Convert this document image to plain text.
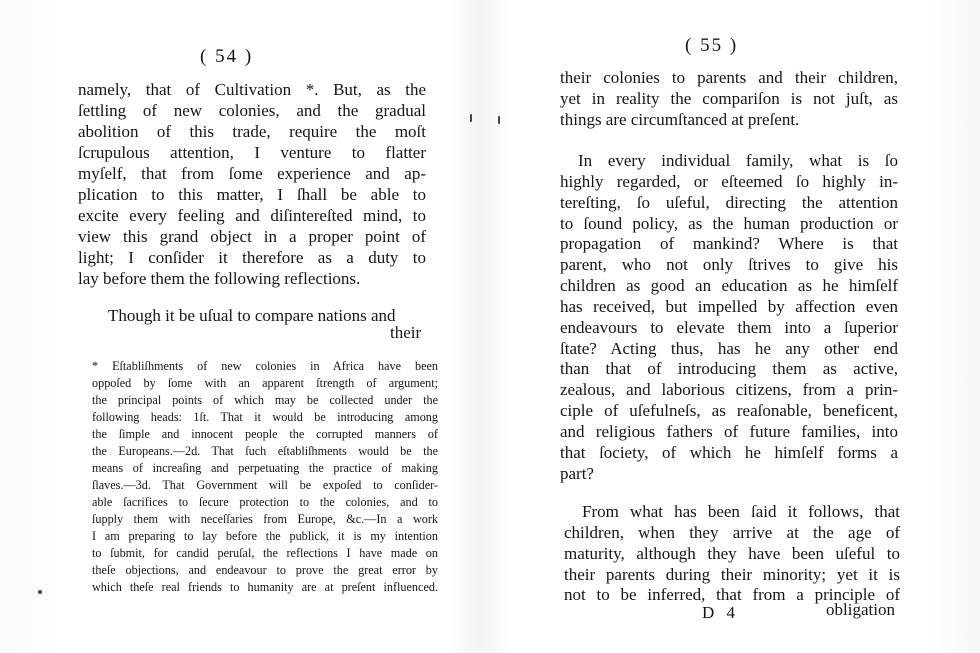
( 54 )
namely, that of Cultivation *. But, as the
ſettling of new colonies, and the gradual
abolition of this trade, require the moſt
ſcrupulous attention, I venture to flatter
myſelf, that from ſome experience and ap-
plication to this matter, I ſhall be able to
excite every feeling and diſintereſted mind, to
view this grand object in a proper point of
light; I conſider it therefore as a duty to
lay before them the following reflections.
Though it be uſual to compare nations and
their
* Eſtabliſhments of new colonies in Africa have been
oppoſed by ſome with an apparent ſtrength of argument;
the principal points of which may be collected under the
following heads: 1ſt. That it would be introducing among
the ſimple and innocent people the corrupted manners of
the Europeans.—2d. That ſuch eſtabliſhments would be the
means of increaſing and perpetuating the practice of making
ſlaves.—3d. That Government will be expoſed to conſider-
able ſacrifices to ſecure protection to the colonies, and to
ſupply them with neceſſaries from Europe, &c.—In a work
I am preparing to lay before the publick, it is my intention
to ſubmit, for candid peruſal, the reflections I have made on
theſe objections, and endeavour to prove the great error by
which theſe real friends to humanity are at preſent influenced.
( 55 )
their colonies to parents and their children,
yet in reality the compariſon is not juſt, as
things are circumſtanced at preſent.
In every individual family, what is ſo
highly regarded, or eſteemed ſo highly in-
tereſting, ſo uſeful, directing the attention
to ſound policy, as the human production or
propagation of mankind? Where is that
parent, who not only ſtrives to give his
children as good an education as he himſelf
has received, but impelled by affection even
endeavours to elevate them into a ſuperior
ſtate? Acting thus, has he any other end
than that of introducing them as active,
zealous, and laborious citizens, from a prin-
ciple of uſefulneſs, as reaſonable, beneficent,
and religious fathers of future families, into
that ſociety, of which he himſelf forms a
part?
From what has been ſaid it follows, that
children, when they arrive at the age of
maturity, although they have been uſeful to
their parents during their minority; yet it is
not to be inferred, that from a principle of
D 4	obligation
